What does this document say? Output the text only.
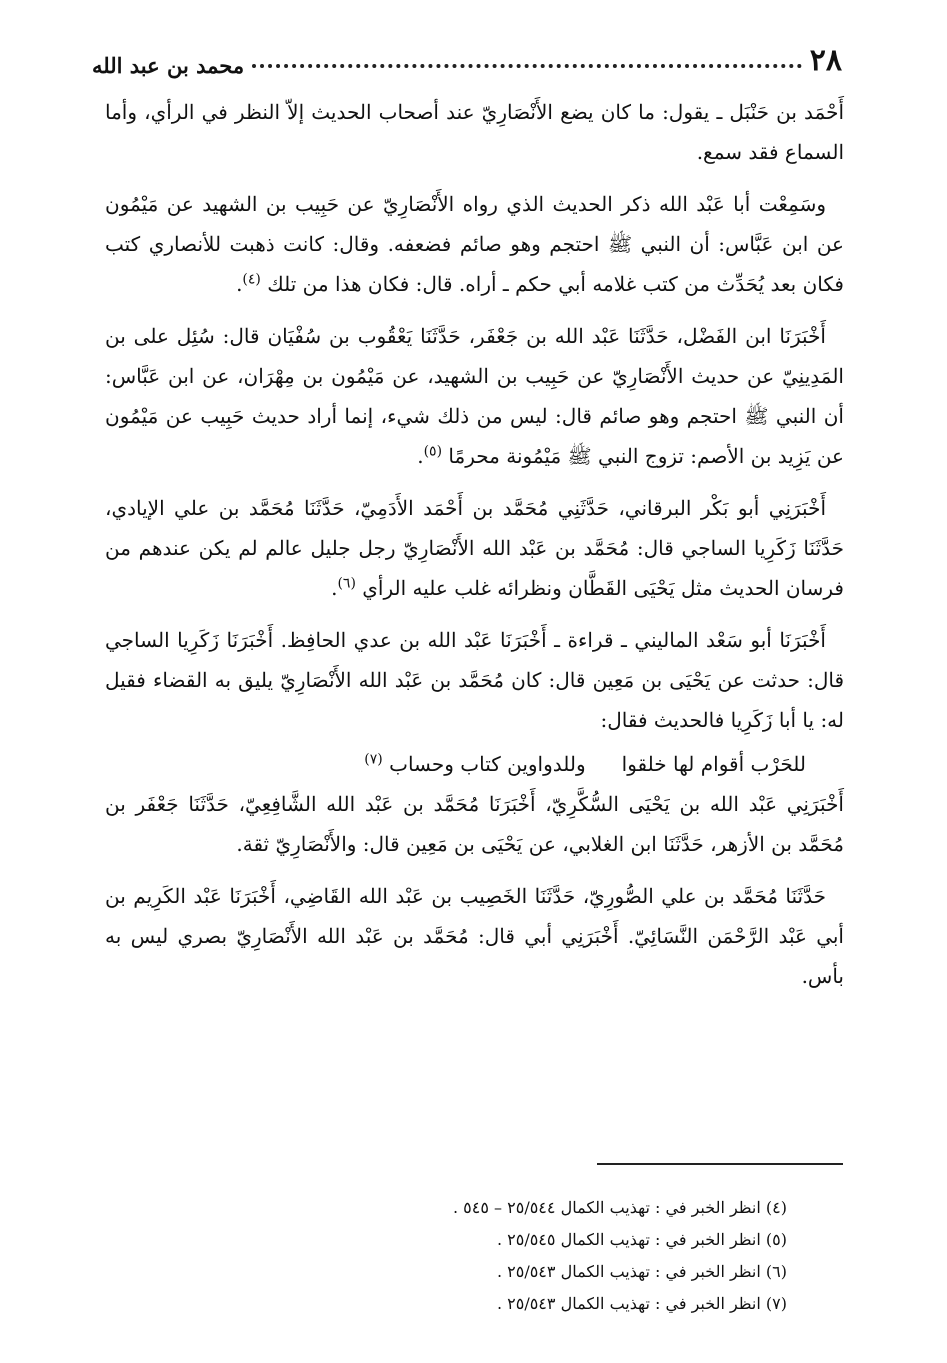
٢٨
محمد بن عبد الله

أَحْمَد بن حَنْبَل ـ يقول: ما كان يضع الأَنْصَارِيّ عند أصحاب الحديث إلاّ النظر في الرأي، وأما السماع فقد سمع.

وسَمِعْت أبا عَبْد الله ذكر الحديث الذي رواه الأَنْصَارِيّ عن حَبِيب بن الشهيد عن مَيْمُون عن ابن عَبَّاس: أن النبي ﷺ احتجم وهو صائم فضعفه. وقال: كانت ذهبت للأنصاري كتب فكان بعد يُحَدِّث من كتب غلامه أبي حكم ـ أراه. قال: فكان هذا من تلك $^{(٤)}$.

أَخْبَرَنَا ابن الفَضْل، حَدَّثَنَا عَبْد الله بن جَعْفَر، حَدَّثَنَا يَعْقُوب بن سُفْيَان قال: سُئِل على بن المَدِينِيّ عن حديث الأَنْصَارِيّ عن حَبِيب بن الشهيد، عن مَيْمُون بن مِهْرَان، عن ابن عَبَّاس: أن النبي ﷺ احتجم وهو صائم قال: ليس من ذلك شيء، إنما أراد حديث حَبِيب عن مَيْمُون عن يَزِيد بن الأصم: تزوج النبي ﷺ مَيْمُونة محرمًا $^{(٥)}$.

أَخْبَرَنِي أبو بَكْر البرقاني، حَدَّثَنِي مُحَمَّد بن أَحْمَد الأَدَمِيّ، حَدَّثَنَا مُحَمَّد بن علي الإيادي، حَدَّثَنَا زَكَرِيا الساجي قال: مُحَمَّد بن عَبْد الله الأَنْصَارِيّ رجل جليل عالم لم يكن عندهم من فرسان الحديث مثل يَحْيَى القَطَّان ونظرائه غلب عليه الرأي $^{(٦)}$.

أَخْبَرَنَا أبو سَعْد الماليني ـ قراءة ـ أَخْبَرَنَا عَبْد الله بن عدي الحافِظ. أَخْبَرَنَا زَكَرِيا الساجي قال: حدثت عن يَحْيَى بن مَعِين قال: كان مُحَمَّد بن عَبْد الله الأَنْصَارِيّ يليق به القضاء فقيل له: يا أبا زَكَرِيا فالحديث فقال:

للحَرْب أقوام لها خلقوا
وللدواوين كتاب وحساب $^{(٧)}$

أَخْبَرَنِي عَبْد الله بن يَحْيَى السُّكَّرِيّ، أَخْبَرَنَا مُحَمَّد بن عَبْد الله الشَّافِعِيّ، حَدَّثَنَا جَعْفَر بن مُحَمَّد بن الأزهر، حَدَّثَنَا ابن الغلابي، عن يَحْيَى بن مَعِين قال: والأَنْصَارِيّ ثقة.

حَدَّثَنَا مُحَمَّد بن علي الصُّورِيّ، حَدَّثَنَا الخَصِيب بن عَبْد الله القَاضِي، أَخْبَرَنَا عَبْد الكَرِيم بن أبي عَبْد الرَّحْمَن النَّسَائِيّ. أَخْبَرَنِي أبي قال: مُحَمَّد بن عَبْد الله الأَنْصَارِيّ بصري ليس به بأس.

(٤) انظر الخبر في : تهذيب الكمال ٢٥/٥٤٤ – ٥٤٥ .
(٥) انظر الخبر في : تهذيب الكمال ٢٥/٥٤٥ .
(٦) انظر الخبر في : تهذيب الكمال ٢٥/٥٤٣ .
(٧) انظر الخبر في : تهذيب الكمال ٢٥/٥٤٣ .
